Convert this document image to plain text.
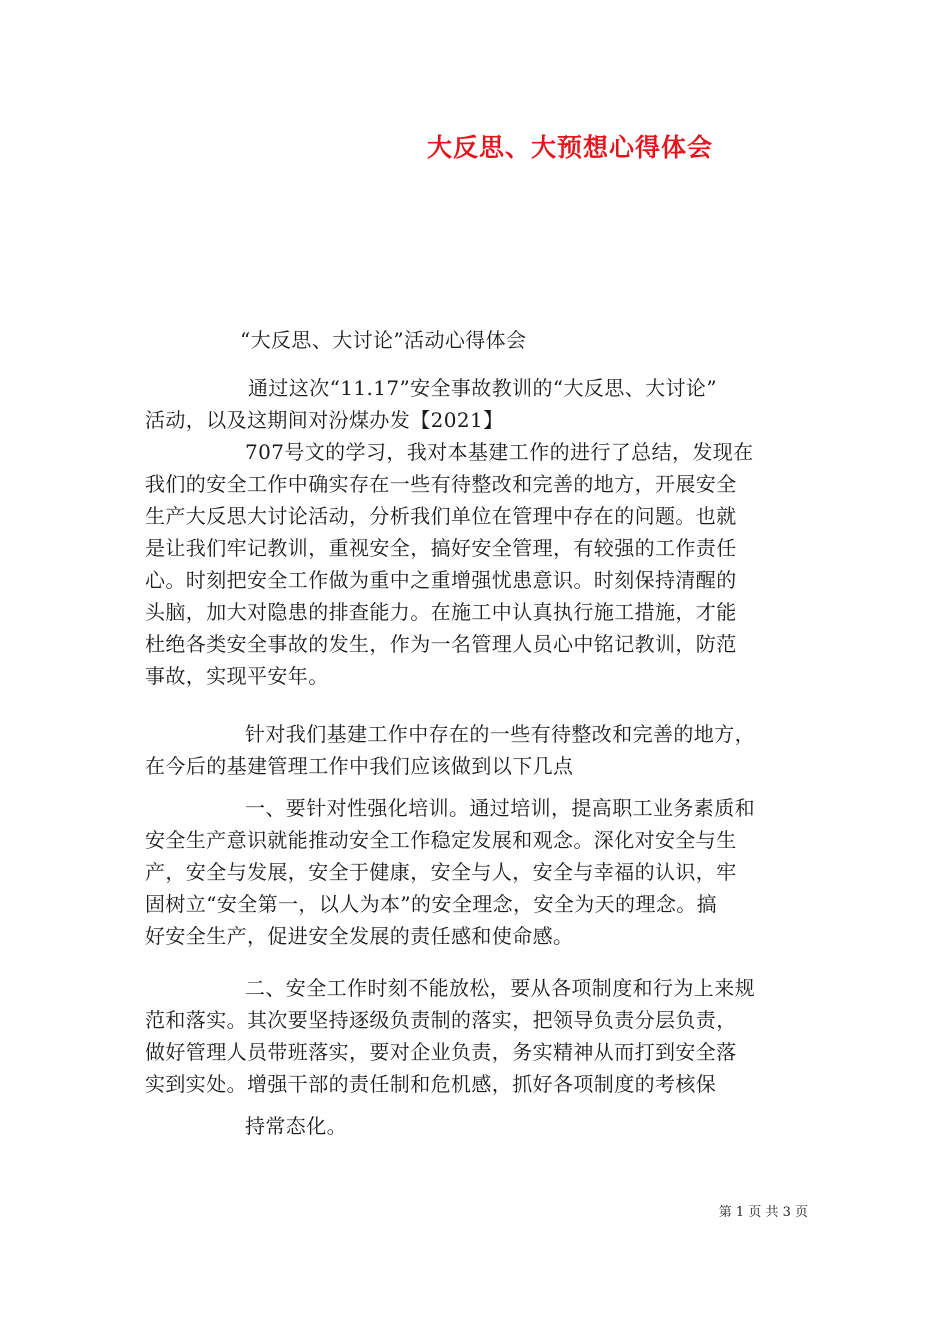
大反思、大预想心得体会
“大反思、大讨论”活动心得体会
通过这次“11.17”安全事故教训的“大反思、大讨论”
活动，以及这期间对汾煤办发【2021】
707号文的学习，我对本基建工作的进行了总结，发现在
我们的安全工作中确实存在一些有待整改和完善的地方，开展安全
生产大反思大讨论活动，分析我们单位在管理中存在的问题。也就
是让我们牢记教训，重视安全，搞好安全管理，有较强的工作责任
心。时刻把安全工作做为重中之重增强忧患意识。时刻保持清醒的
头脑，加大对隐患的排查能力。在施工中认真执行施工措施，才能
杜绝各类安全事故的发生，作为一名管理人员心中铭记教训，防范
事故，实现平安年。
针对我们基建工作中存在的一些有待整改和完善的地方，
在今后的基建管理工作中我们应该做到以下几点
一、要针对性强化培训。通过培训，提高职工业务素质和
安全生产意识就能推动安全工作稳定发展和观念。深化对安全与生
产，安全与发展，安全于健康，安全与人，安全与幸福的认识，牢
固树立“安全第一，以人为本”的安全理念，安全为天的理念。搞
好安全生产，促进安全发展的责任感和使命感。
二、安全工作时刻不能放松，要从各项制度和行为上来规
范和落实。其次要坚持逐级负责制的落实，把领导负责分层负责，
做好管理人员带班落实，要对企业负责，务实精神从而打到安全落
实到实处。增强干部的责任制和危机感，抓好各项制度的考核保
持常态化。
第 1 页 共 3 页
